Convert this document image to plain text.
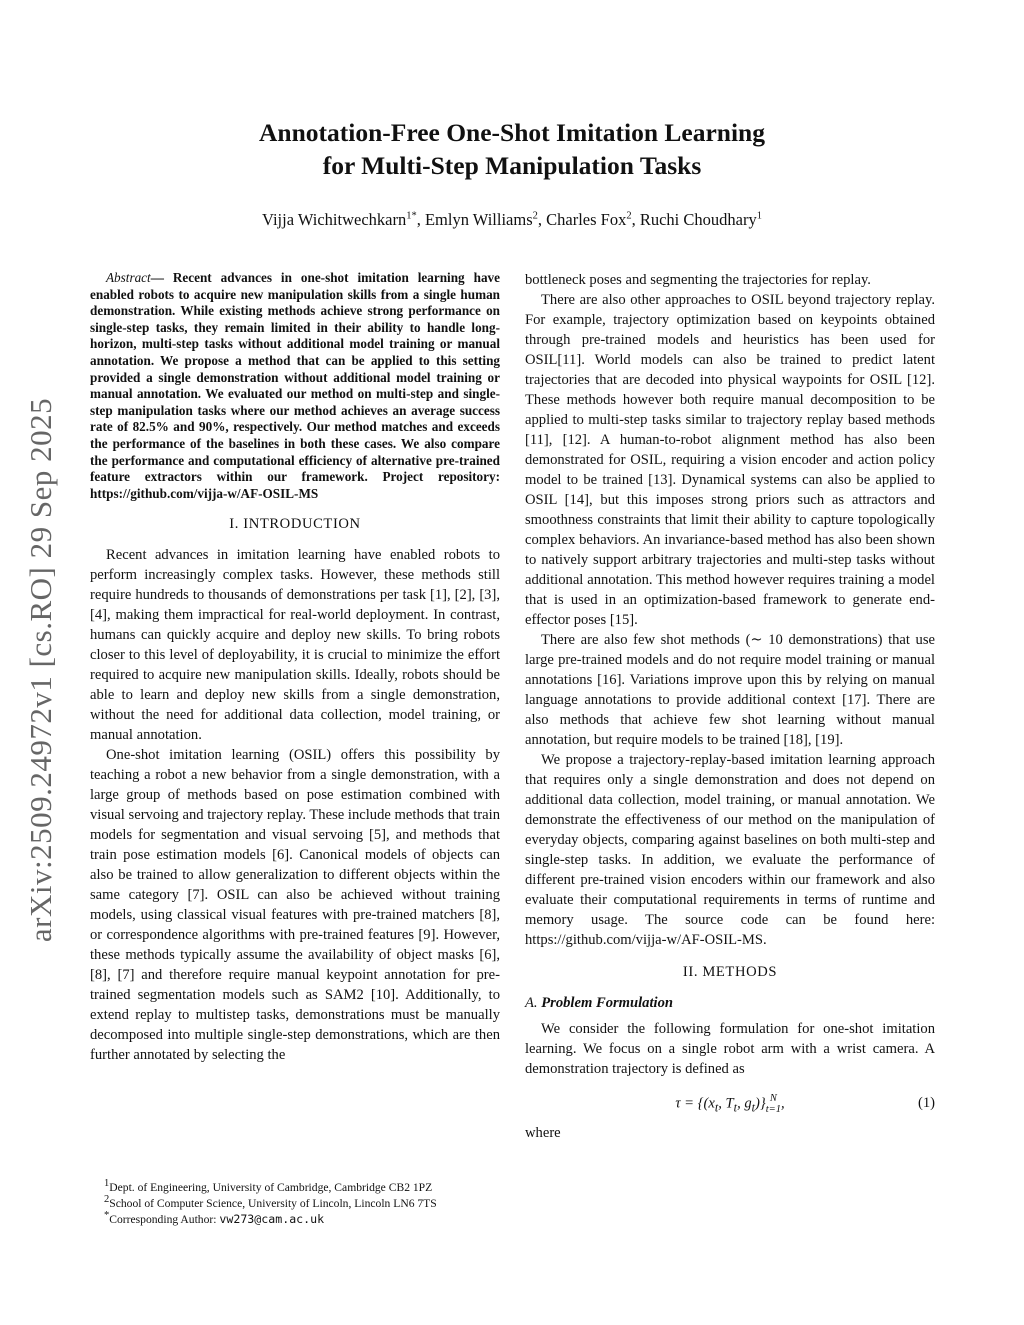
arXiv:2509.24972v1 [cs.RO] 29 Sep 2025
Annotation-Free One-Shot Imitation Learning
for Multi-Step Manipulation Tasks
Vijja Wichitwechkarn$^{1*}$, Emlyn Williams$^2$, Charles Fox$^2$, Ruchi Choudhary$^1$

Abstract— Recent advances in one-shot imitation learning have enabled robots to acquire new manipulation skills from a single human demonstration. While existing methods achieve strong performance on single-step tasks, they remain limited in their ability to handle long-horizon, multi-step tasks without additional model training or manual annotation. We propose a method that can be applied to this setting provided a single demonstration without additional model training or manual annotation. We evaluated our method on multi-step and single-step manipulation tasks where our method achieves an average success rate of 82.5% and 90%, respectively. Our method matches and exceeds the performance of the baselines in both these cases. We also compare the performance and computational efficiency of alternative pre-trained feature extractors within our framework. Project repository: https://github.com/vijja-w/AF-OSIL-MS

I. INTRODUCTION

Recent advances in imitation learning have enabled robots to perform increasingly complex tasks. However, these methods still require hundreds to thousands of demonstrations per task [1], [2], [3], [4], making them impractical for real-world deployment. In contrast, humans can quickly acquire and deploy new skills. To bring robots closer to this level of deployability, it is crucial to minimize the effort required to acquire new manipulation skills. Ideally, robots should be able to learn and deploy new skills from a single demonstration, without the need for additional data collection, model training, or manual annotation.

One-shot imitation learning (OSIL) offers this possibility by teaching a robot a new behavior from a single demonstration, with a large group of methods based on pose estimation combined with visual servoing and trajectory replay. These include methods that train models for segmentation and visual servoing [5], and methods that train pose estimation models [6]. Canonical models of objects can also be trained to allow generalization to different objects within the same category [7]. OSIL can also be achieved without training models, using classical visual features with pre-trained matchers [8], or correspondence algorithms with pre-trained features [9]. However, these methods typically assume the availability of object masks [6], [8], [7] and therefore require manual keypoint annotation for pre-trained segmentation models such as SAM2 [10]. Additionally, to extend replay to multistep tasks, demonstrations must be manually decomposed into multiple single-step demonstrations, which are then further annotated by selecting the

bottleneck poses and segmenting the trajectories for replay.

There are also other approaches to OSIL beyond trajectory replay. For example, trajectory optimization based on keypoints obtained through pre-trained models and heuristics has been used for OSIL[11]. World models can also be trained to predict latent trajectories that are decoded into physical waypoints for OSIL [12]. These methods however both require manual decomposition to be applied to multi-step tasks similar to trajectory replay based methods [11], [12]. A human-to-robot alignment method has also been demonstrated for OSIL, requiring a vision encoder and action policy model to be trained [13]. Dynamical systems can also be applied to OSIL [14], but this imposes strong priors such as attractors and smoothness constraints that limit their ability to capture topologically complex behaviors. An invariance-based method has also been shown to natively support arbitrary trajectories and multi-step tasks without additional annotation. This method however requires training a model that is used in an optimization-based framework to generate end-effector poses [15].

There are also few shot methods (∼ 10 demonstrations) that use large pre-trained models and do not require model training or manual annotations [16]. Variations improve upon this by relying on manual language annotations to provide additional context [17]. There are also methods that achieve few shot learning without manual annotation, but require models to be trained [18], [19].

We propose a trajectory-replay-based imitation learning approach that requires only a single demonstration and does not depend on additional data collection, model training, or manual annotation. We demonstrate the effectiveness of our method on the manipulation of everyday objects, comparing against baselines on both multi-step and single-step tasks. In addition, we evaluate the performance of different pre-trained vision encoders within our framework and also evaluate their computational requirements in terms of runtime and memory usage. The source code can be found here: https://github.com/vijja-w/AF-OSIL-MS.

II. METHODS

A. Problem Formulation

We consider the following formulation for one-shot imitation learning. We focus on a single robot arm with a wrist camera. A demonstration trajectory is defined as

$\tau = \{(x_t$, $T_t$, $g_t$)} N
t=1 ,	(1)

where

$^1$Dept. of Engineering, University of Cambridge, Cambridge CB2 1PZ
$^2$School of Computer Science, University of Lincoln, Lincoln LN6 7TS
*Corresponding Author: vw273@cam.ac.uk
